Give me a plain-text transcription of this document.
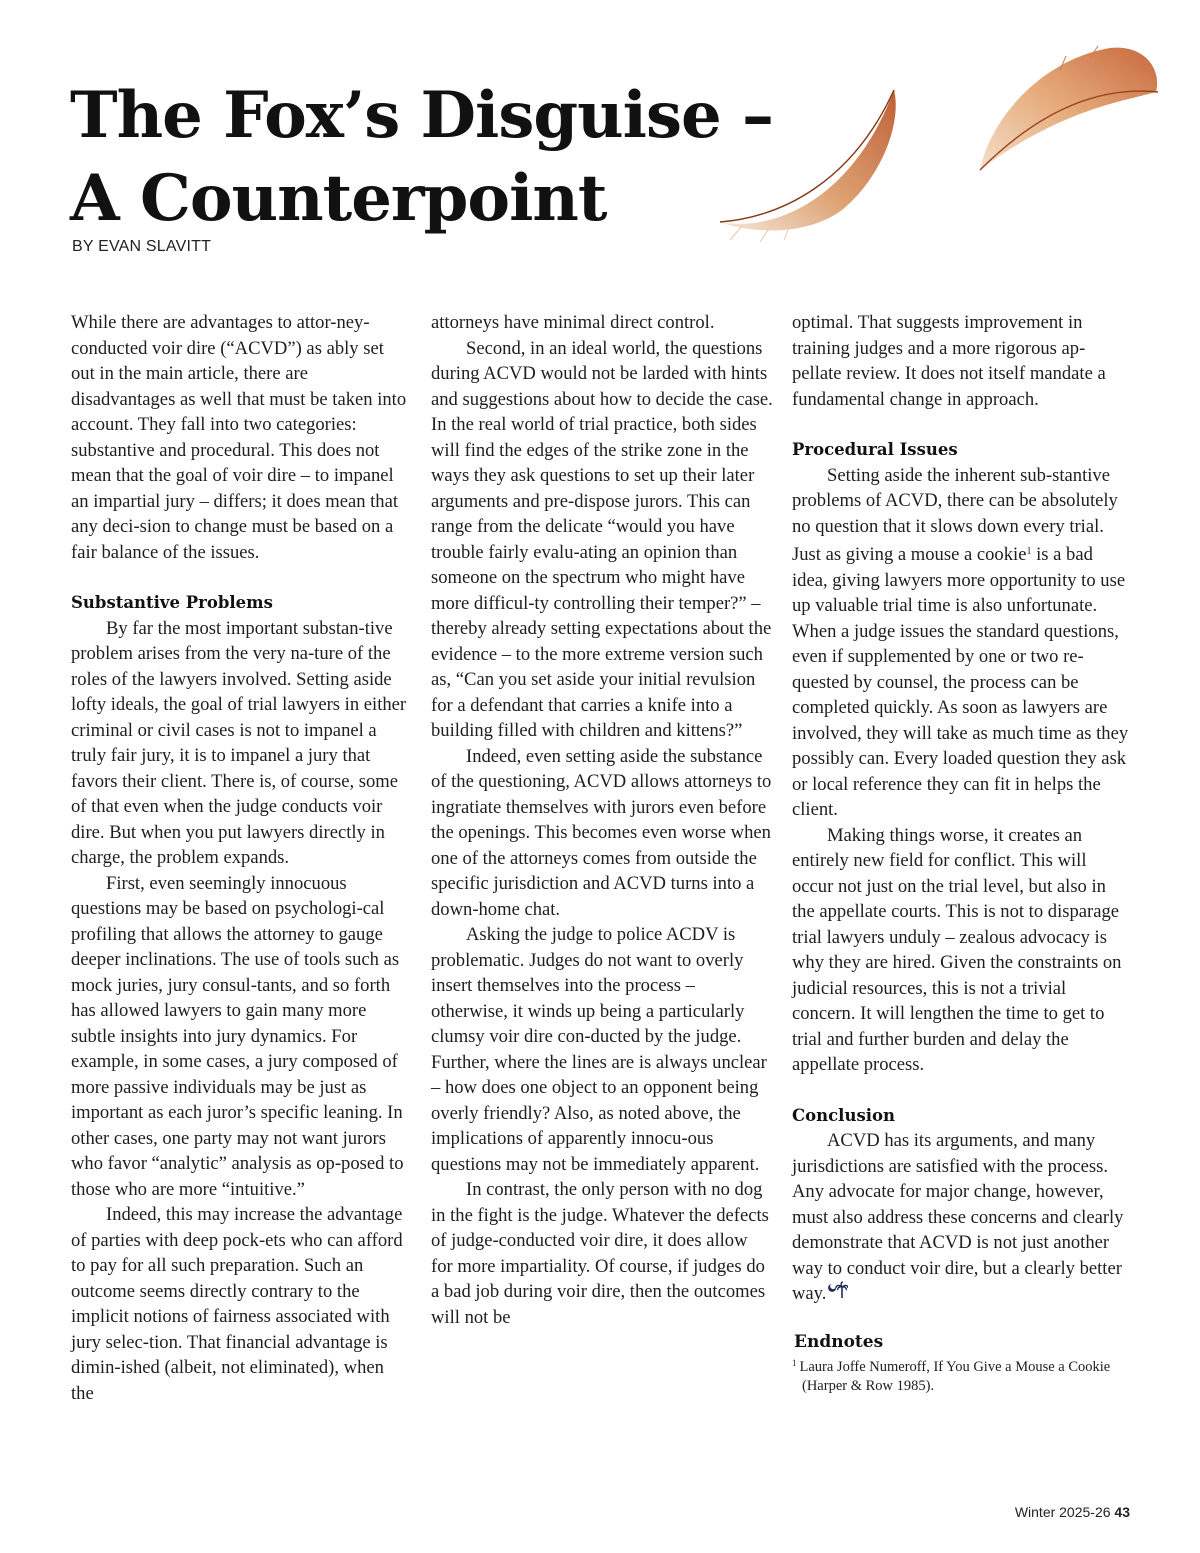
The Fox’s Disguise –
A Counterpoint
BY EVAN SLAVITT

While there are advantages to attor-ney-conducted voir dire (“ACVD”) as ably set out in the main article, there are disadvantages as well that must be taken into account. They fall into two categories: substantive and procedural. This does not mean that the goal of voir dire – to impanel an impartial jury – differs; it does mean that any deci-sion to change must be based on a fair balance of the issues.

Substantive Problems

By far the most important substan-tive problem arises from the very na-ture of the roles of the lawyers involved. Setting aside lofty ideals, the goal of trial lawyers in either criminal or civil cases is not to impanel a truly fair jury, it is to impanel a jury that favors their client. There is, of course, some of that even when the judge conducts voir dire. But when you put lawyers directly in charge, the problem expands.

First, even seemingly innocuous questions may be based on psychologi-cal profiling that allows the attorney to gauge deeper inclinations. The use of tools such as mock juries, jury consul-tants, and so forth has allowed lawyers to gain many more subtle insights into jury dynamics. For example, in some cases, a jury composed of more passive individuals may be just as important as each juror’s specific leaning. In other cases, one party may not want jurors who favor “analytic” analysis as op-posed to those who are more “intuitive.”

Indeed, this may increase the advantage of parties with deep pock-ets who can afford to pay for all such preparation. Such an outcome seems directly contrary to the implicit notions of fairness associated with jury selec-tion. That financial advantage is dimin-ished (albeit, not eliminated), when the

attorneys have minimal direct control.

Second, in an ideal world, the questions during ACVD would not be larded with hints and suggestions about how to decide the case. In the real world of trial practice, both sides will find the edges of the strike zone in the ways they ask questions to set up their later arguments and pre-dispose jurors. This can range from the delicate “would you have trouble fairly evalu-ating an opinion than someone on the spectrum who might have more difficul-ty controlling their temper?” – thereby already setting expectations about the evidence – to the more extreme version such as, “Can you set aside your initial revulsion for a defendant that carries a knife into a building filled with children and kittens?”

Indeed, even setting aside the substance of the questioning, ACVD allows attorneys to ingratiate themselves with jurors even before the openings. This becomes even worse when one of the attorneys comes from outside the specific jurisdiction and ACVD turns into a down-home chat.

Asking the judge to police ACDV is problematic. Judges do not want to overly insert themselves into the process – otherwise, it winds up being a particularly clumsy voir dire con-ducted by the judge. Further, where the lines are is always unclear – how does one object to an opponent being overly friendly? Also, as noted above, the implications of apparently innocu-ous questions may not be immediately apparent.

In contrast, the only person with no dog in the fight is the judge. Whatever the defects of judge-conducted voir dire, it does allow for more impartiality. Of course, if judges do a bad job during voir dire, then the outcomes will not be

optimal. That suggests improvement in training judges and a more rigorous ap-pellate review. It does not itself mandate a fundamental change in approach.

Procedural Issues

Setting aside the inherent sub-stantive problems of ACVD, there can be absolutely no question that it slows down every trial. Just as giving a mouse a cookie$^1$ is a bad idea, giving lawyers more opportunity to use up valuable trial time is also unfortunate. When a judge issues the standard questions, even if supplemented by one or two re-quested by counsel, the process can be completed quickly. As soon as lawyers are involved, they will take as much time as they possibly can. Every loaded question they ask or local reference they can fit in helps the client.

Making things worse, it creates an entirely new field for conflict. This will occur not just on the trial level, but also in the appellate courts. This is not to disparage trial lawyers unduly – zealous advocacy is why they are hired. Given the constraints on judicial resources, this is not a trivial concern. It will lengthen the time to get to trial and further burden and delay the appellate process.

Conclusion

ACVD has its arguments, and many jurisdictions are satisfied with the process. Any advocate for major change, however, must also address these concerns and clearly demonstrate that ACVD is not just another way to conduct voir dire, but a clearly better way.

Endnotes
$^1$ Laura Joffe Numeroff, If You Give a Mouse a Cookie (Harper & Row 1985).
Winter 2025-26 43
